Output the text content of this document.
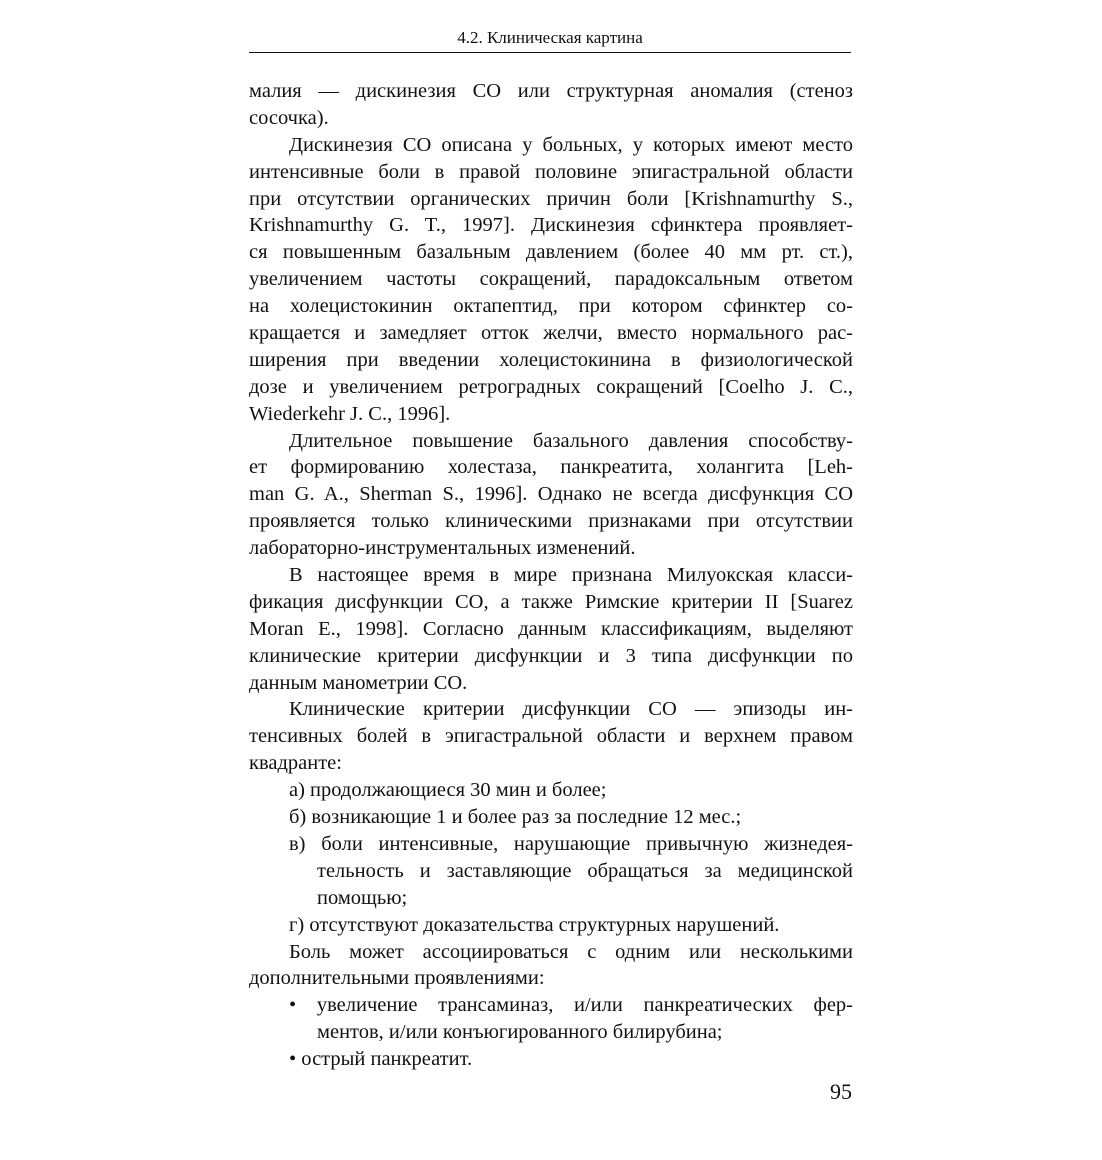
4.2. Клиническая картина
малия — дискинезия СО или структурная аномалия (стеноз
сосочка).
Дискинезия СО описана у больных, у которых имеют место
интенсивные боли в правой половине эпигастральной области
при отсутствии органических причин боли [Krishnamurthy S.,
Krishnamurthy G. T., 1997]. Дискинезия сфинктера проявляет-
ся повышенным базальным давлением (более 40 мм рт. ст.),
увеличением частоты сокращений, парадоксальным ответом
на холецистокинин октапептид, при котором сфинктер со-
кращается и замедляет отток желчи, вместо нормального рас-
ширения при введении холецистокинина в физиологической
дозе и увеличением ретроградных сокращений [Coelho J. C.,
Wiederkehr J. C., 1996].
Длительное повышение базального давления способству-
ет формированию холестаза, панкреатита, холангита [Leh-
man G. A., Sherman S., 1996]. Однако не всегда дисфункция СО
проявляется только клиническими признаками при отсутствии
лабораторно-инструментальных изменений.
В настоящее время в мире признана Милуокская класси-
фикация дисфункции СО, а также Римские критерии II [Suarez
Moran E., 1998]. Согласно данным классификациям, выделяют
клинические критерии дисфункции и 3 типа дисфункции по
данным манометрии СО.
Клинические критерии дисфункции СО — эпизоды ин-
тенсивных болей в эпигастральной области и верхнем правом
квадранте:
а) продолжающиеся 30 мин и более;
б) возникающие 1 и более раз за последние 12 мес.;
в) боли интенсивные, нарушающие привычную жизнедея-
тельность и заставляющие обращаться за медицинской
помощью;
г) отсутствуют доказательства структурных нарушений.
Боль может ассоциироваться с одним или несколькими
дополнительными проявлениями:
• увеличение трансаминаз, и/или панкреатических фер-
ментов, и/или конъюгированного билирубина;
• острый панкреатит.
95
